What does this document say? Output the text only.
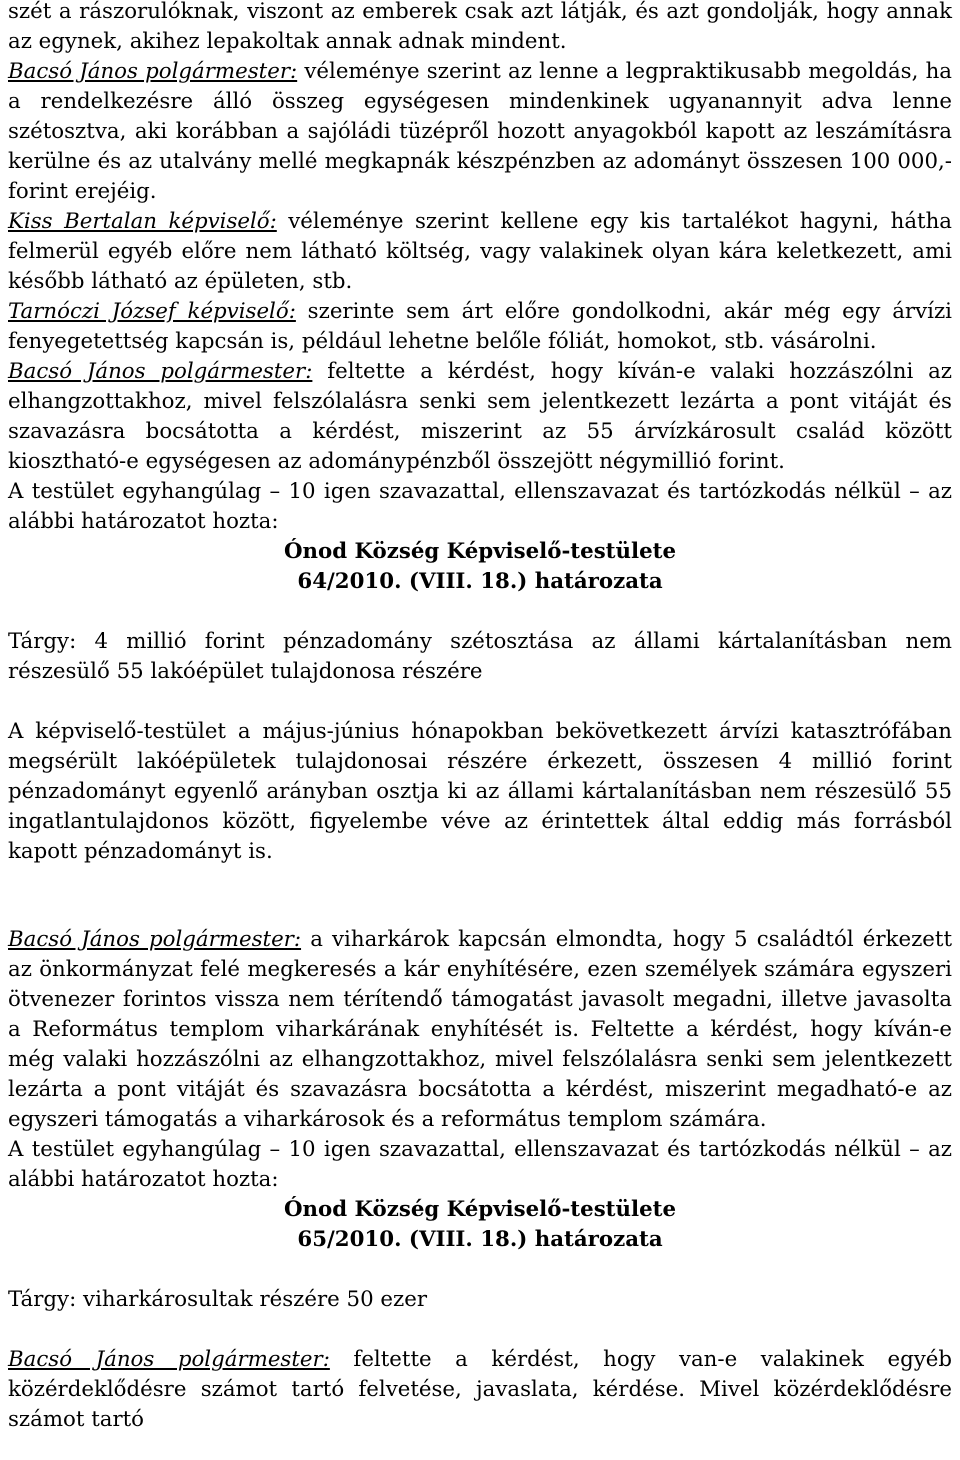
szét a rászorulóknak, viszont az emberek csak azt látják, és azt gondolják, hogy annak az egynek, akihez lepakoltak annak adnak mindent.

Bacsó János polgármester: véleménye szerint az lenne a legpraktikusabb megoldás, ha a rendelkezésre álló összeg egységesen mindenkinek ugyanannyit adva lenne szétosztva, aki korábban a sajóládi tüzépről hozott anyagokból kapott az leszámításra kerülne és az utalvány mellé megkapnák készpénzben az adományt összesen 100 000,- forint erejéig.

Kiss Bertalan képviselő: véleménye szerint kellene egy kis tartalékot hagyni, hátha felmerül egyéb előre nem látható költség, vagy valakinek olyan kára keletkezett, ami később látható az épületen, stb.

Tarnóczi József képviselő: szerinte sem árt előre gondolkodni, akár még egy árvízi fenyegetettség kapcsán is, például lehetne belőle fóliát, homokot, stb. vásárolni.

Bacsó János polgármester: feltette a kérdést, hogy kíván-e valaki hozzászólni az elhangzottakhoz, mivel felszólalásra senki sem jelentkezett lezárta a pont vitáját és szavazásra bocsátotta a kérdést, miszerint az 55 árvízkárosult család között kiosztható-e egységesen az adománypénzből összejött négymillió forint.

A testület egyhangúlag – 10 igen szavazattal, ellenszavazat és tartózkodás nélkül – az alábbi határozatot hozta:

Ónod Község Képviselő-testülete

64/2010. (VIII. 18.) határozata

Tárgy: 4 millió forint pénzadomány szétosztása az állami kártalanításban nem részesülő 55 lakóépület tulajdonosa részére

A képviselő-testület a május-június hónapokban bekövetkezett árvízi katasztrófában megsérült lakóépületek tulajdonosai részére érkezett, összesen 4 millió forint pénzadományt egyenlő arányban osztja ki az állami kártalanításban nem részesülő 55 ingatlantulajdonos között, figyelembe véve az érintettek által eddig más forrásból kapott pénzadományt is.

Bacsó János polgármester: a viharkárok kapcsán elmondta, hogy 5 családtól érkezett az önkormányzat felé megkeresés a kár enyhítésére, ezen személyek számára egyszeri ötvenezer forintos vissza nem térítendő támogatást javasolt megadni, illetve javasolta a Református templom viharkárának enyhítését is. Feltette a kérdést, hogy kíván-e még valaki hozzászólni az elhangzottakhoz, mivel felszólalásra senki sem jelentkezett lezárta a pont vitáját és szavazásra bocsátotta a kérdést, miszerint megadható-e az egyszeri támogatás a viharkárosok és a református templom számára.

A testület egyhangúlag – 10 igen szavazattal, ellenszavazat és tartózkodás nélkül – az alábbi határozatot hozta:

Ónod Község Képviselő-testülete

65/2010. (VIII. 18.) határozata

Tárgy: viharkárosultak részére 50 ezer

Bacsó János polgármester: feltette a kérdést, hogy van-e valakinek egyéb közérdeklődésre számot tartó felvetése, javaslata, kérdése. Mivel közérdeklődésre számot tartó
